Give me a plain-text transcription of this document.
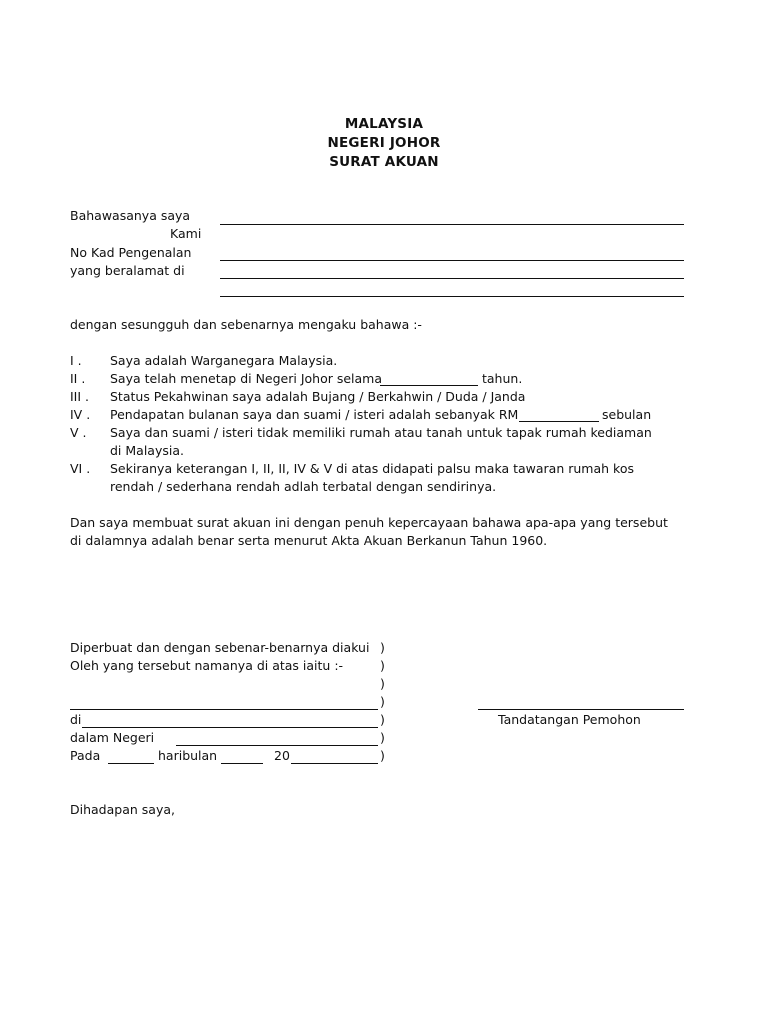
MALAYSIA
NEGERI JOHOR
SURAT AKUAN
Bahawasanya saya
Kami
No Kad Pengenalan
yang beralamat di
dengan sesungguh dan sebenarnya mengaku bahawa :-
I .	Saya adalah Warganegara Malaysia.
II .	Saya telah menetap di Negeri Johor selama	tahun.
III .	Status Pekahwinan saya adalah Bujang / Berkahwin / Duda / Janda
IV .	Pendapatan bulanan saya dan suami / isteri adalah sebanyak RM	sebulan
V .	Saya dan suami / isteri tidak memiliki rumah atau tanah untuk tapak rumah kediaman
di Malaysia.
VI .	Sekiranya keterangan I, II, II, IV & V di atas didapati palsu maka tawaran rumah kos
rendah / sederhana rendah adlah terbatal dengan sendirinya.
Dan saya membuat surat akuan ini dengan penuh kepercayaan bahawa apa-apa yang tersebut
di dalamnya adalah benar serta menurut Akta Akuan Berkanun Tahun 1960.
Diperbuat dan dengan sebenar-benarnya diakui
Oleh yang tersebut namanya di atas iaitu :-
)
)
)
)
)
)
)
di
dalam Negeri
Pada	haribulan	20
Tandatangan Pemohon
Dihadapan saya,
